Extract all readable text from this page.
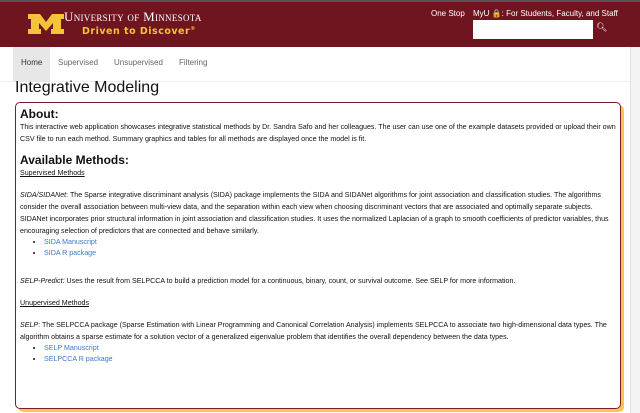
University of Minnesota
Driven to Discover®
One Stop MyU 🔒: For Students, Faculty, and Staff
🔍︎
Home	Supervised	Unsupervised	Filtering
Integrative Modeling
About:

This interactive web application showcases integrative statistical methods by Dr. Sandra Safo and her colleagues. The user can use one of the example datasets provided or upload their own CSV file to run each method. Summary graphics and tables for all methods are displayed once the model is fit.

Available Methods:

Supervised Methods

SIDA/SIDANet: The Sparse integrative discriminant analysis (SIDA) package implements the SIDA and SIDANet algorithms for joint association and classification studies. The algorithms consider the overall association between multi-view data, and the separation within each view when choosing discriminant vectors that are associated and optimally separate subjects. SIDANet incorporates prior structural information in joint association and classification studies. It uses the normalized Laplacian of a graph to smooth coefficients of predictor variables, thus encouraging selection of predictors that are connected and behave similarly.

• SIDA Manuscript
• SIDA R package

SELP-Predict: Uses the result from SELPCCA to build a prediction model for a continuous, binary, count, or survival outcome. See SELP for more information.

Unupervised Methods

SELP: The SELPCCA package (Sparse Estimation with Linear Programming and Canonical Correlation Analysis) implements SELPCCA to associate two high-dimensional data types. The algorithm obtains a sparse estimate for a solution vector of a generalized eigenvalue problem that identifies the overall dependency between the data types.

• SELP Manuscript
• SELPCCA R package
